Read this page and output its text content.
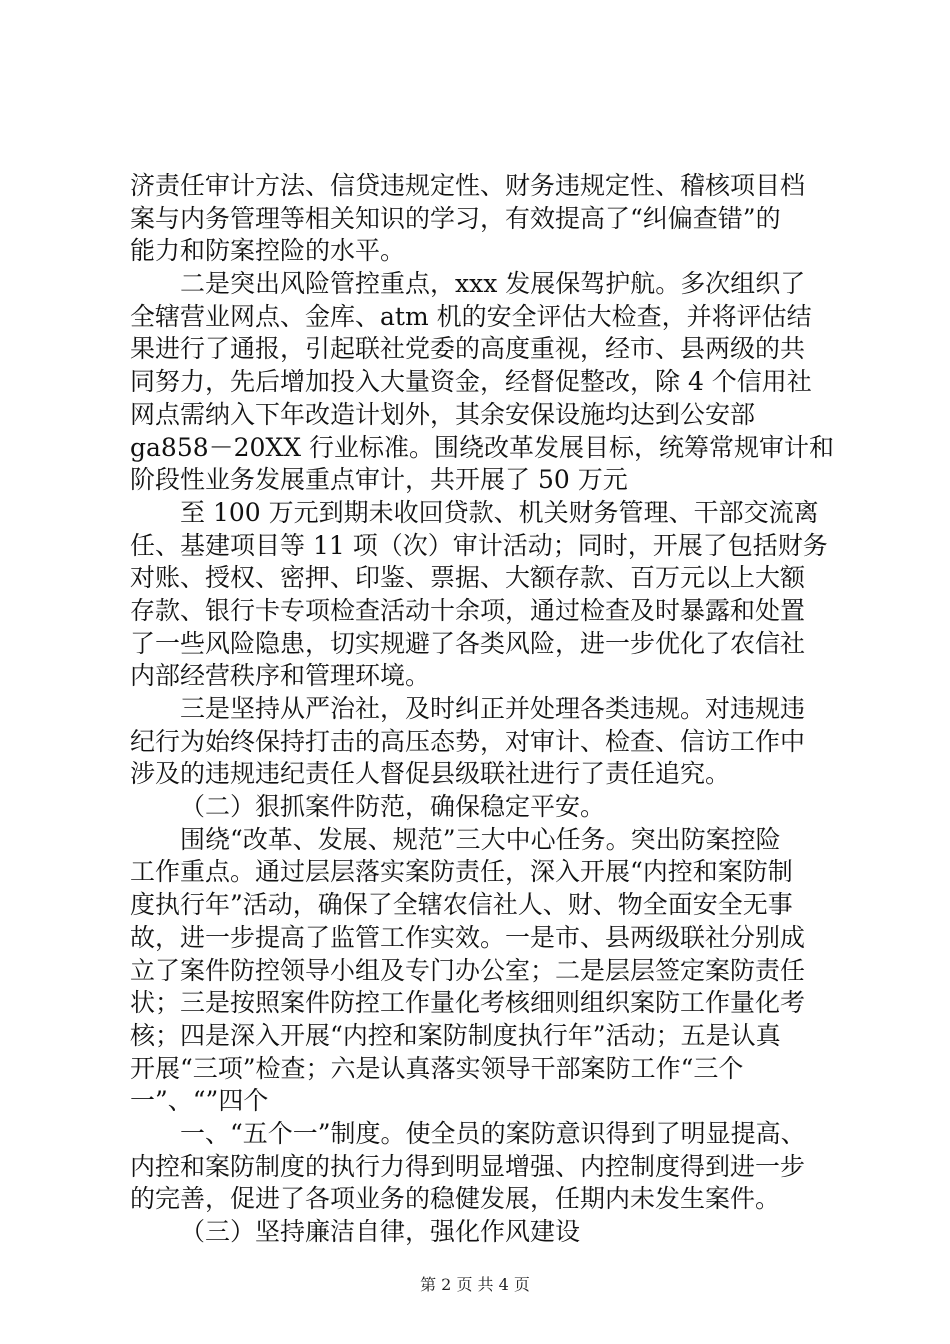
济责任审计方法、信贷违规定性、财务违规定性、稽核项目档
案与内务管理等相关知识的学习，有效提高了“纠偏查错”的
能力和防案控险的水平。
二是突出风险管控重点，xxx 发展保驾护航。多次组织了
全辖营业网点、金库、atm 机的安全评估大检查，并将评估结
果进行了通报，引起联社党委的高度重视，经市、县两级的共
同努力，先后增加投入大量资金，经督促整改，除 4 个信用社
网点需纳入下年改造计划外，其余安保设施均达到公安部
ga858－20XX 行业标准。围绕改革发展目标，统筹常规审计和
阶段性业务发展重点审计，共开展了 50 万元
至 100 万元到期未收回贷款、机关财务管理、干部交流离
任、基建项目等 11 项（次）审计活动；同时，开展了包括财务
对账、授权、密押、印鉴、票据、大额存款、百万元以上大额
存款、银行卡专项检查活动十余项，通过检查及时暴露和处置
了一些风险隐患，切实规避了各类风险，进一步优化了农信社
内部经营秩序和管理环境。
三是坚持从严治社，及时纠正并处理各类违规。对违规违
纪行为始终保持打击的高压态势，对审计、检查、信访工作中
涉及的违规违纪责任人督促县级联社进行了责任追究。
（二）狠抓案件防范，确保稳定平安。
围绕“改革、发展、规范”三大中心任务。突出防案控险
工作重点。通过层层落实案防责任，深入开展“内控和案防制
度执行年”活动，确保了全辖农信社人、财、物全面安全无事
故，进一步提高了监管工作实效。一是市、县两级联社分别成
立了案件防控领导小组及专门办公室；二是层层签定案防责任
状；三是按照案件防控工作量化考核细则组织案防工作量化考
核；四是深入开展“内控和案防制度执行年”活动；五是认真
开展“三项”检查；六是认真落实领导干部案防工作“三个
一”、“”四个
一、“五个一”制度。使全员的案防意识得到了明显提高、
内控和案防制度的执行力得到明显增强、内控制度得到进一步
的完善，促进了各项业务的稳健发展，任期内未发生案件。
（三）坚持廉洁自律，强化作风建设
第 2 页 共 4 页
